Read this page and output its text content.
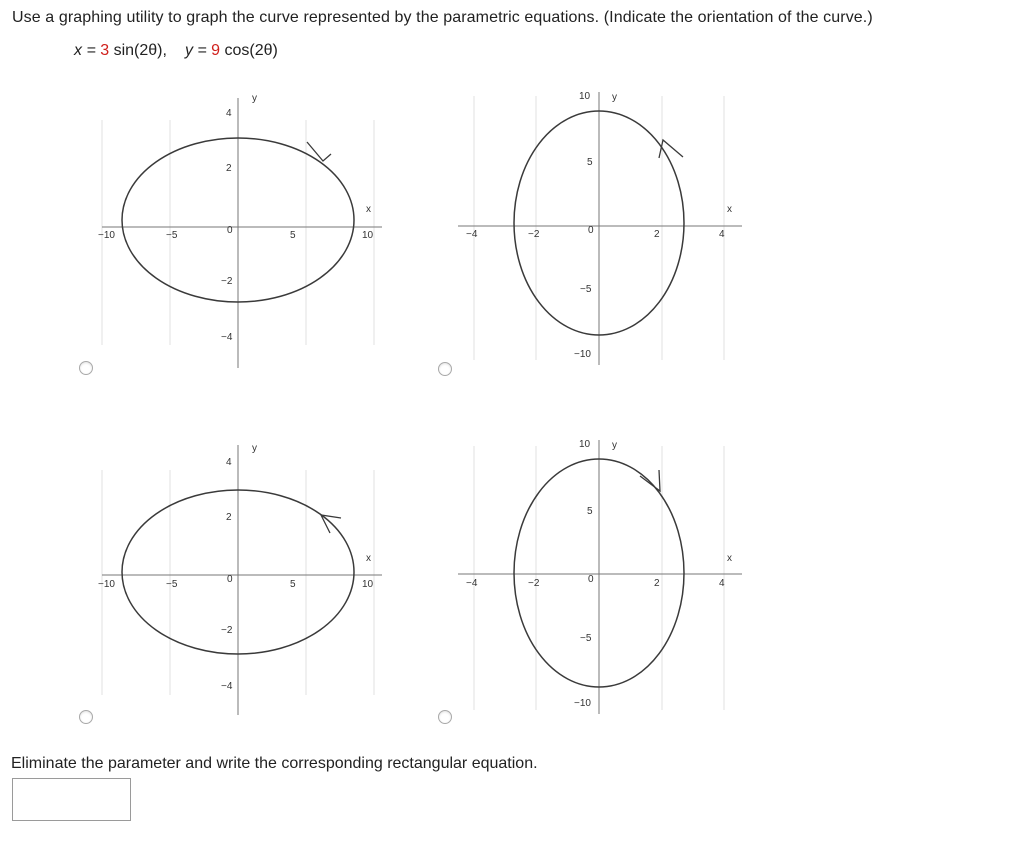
Use a graphing utility to graph the curve represented by the parametric equations. (Indicate the orientation of the curve.)
x = 3 sin(2θ), y = 9 cos(2θ)
x
y
−10	−5	0	5	10
4
2
−2
−4
x
y
−4	−2	0	2	4
10
5
−5
−10
x
y
−10	−5	0	5	10
4
2
−2
−4
x
y
−4	−2	0	2	4
10
5
−5
−10
Eliminate the parameter and write the corresponding rectangular equation.
